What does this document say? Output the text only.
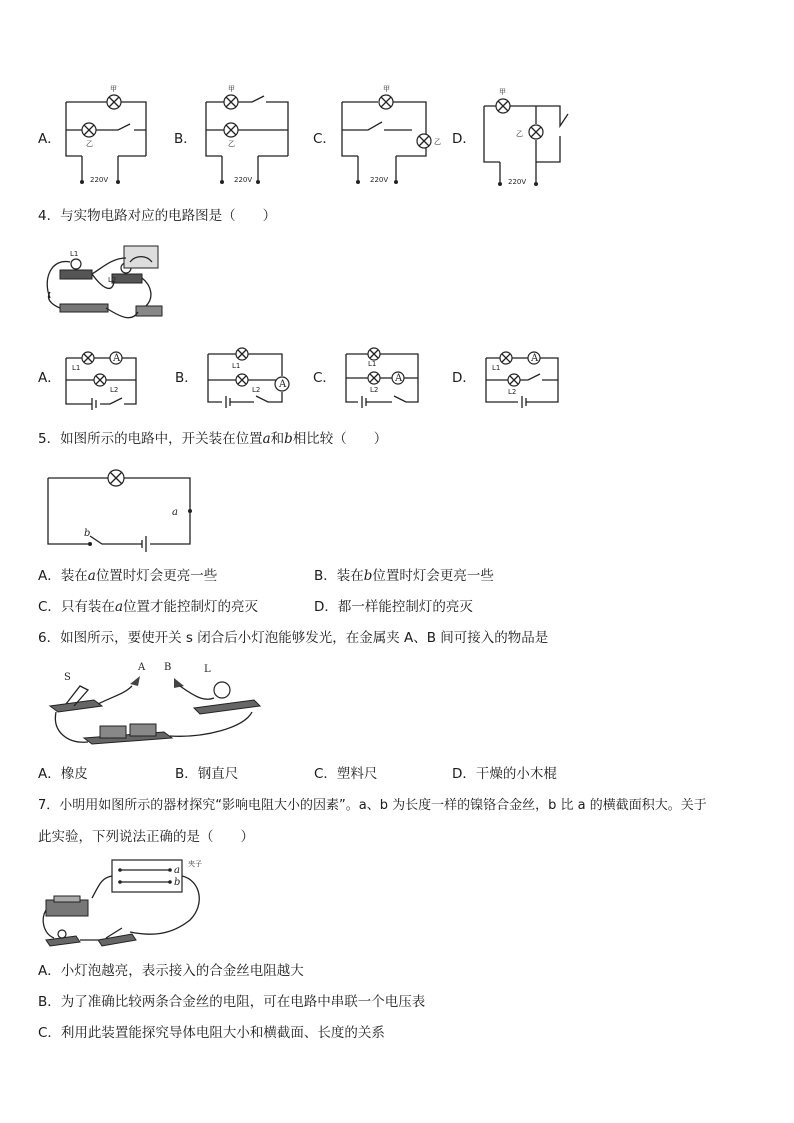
A．
甲
乙
220V
B．
甲
乙
220V
C．
甲
乙
220V
D．
甲
乙
220V
4．与实物电路对应的电路图是（　　）
L1
L2
A．
A
L1
L2
B．	A
L1
L2
C．	A
L1
L2
D．
A
L1
L2
5．如图所示的电路中，开关装在位置a和b相比较（　　）
a
b
A．装在a位置时灯会更亮一些	B．装在b位置时灯会更亮一些
C．只有装在a位置才能控制灯的亮灭	D．都一样能控制灯的亮灭
6．如图所示，要使开关 s 闭合后小灯泡能够发光，在金属夹 A、B 间可接入的物品是
S
A B	L
A．橡皮	B．钢直尺	C．塑料尺	D．干燥的小木棍
7．小明用如图所示的器材探究“影响电阻大小的因素”。a、b 为长度一样的镍铬合金丝，b 比 a 的横截面积大。关于
此实验，下列说法正确的是（　　）
a
b
夹子
A．小灯泡越亮，表示接入的合金丝电阻越大
B．为了准确比较两条合金丝的电阻，可在电路中串联一个电压表
C．利用此装置能探究导体电阻大小和横截面、长度的关系
